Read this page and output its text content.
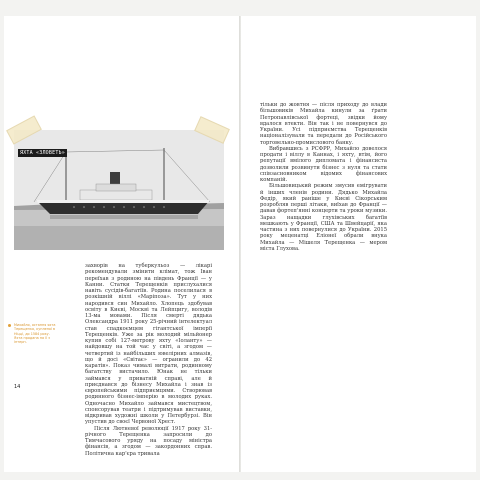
ЯХТА «ЗЛОВЕТЬ»
Михайло, остання яхта Терещенко, купленої в Ніцці, до 1584 року. Яхта продана на її з інтерн.

захворів на туберкульоз — лікарі рекомендували змінити клімат, тож Іван переїхав з родиною на південь Франції — у Канни. Статки Терещенків прислухалися навіть сусідів-багатіїв. Родина поселилася в розкішній віллі «Маріпоза». Тут у них народився син Михайло. Хлопець здобував освіту в Києві, Москві та Лейпцигу, володів 13-ма мовами. Після смерті дядька Олександра 1911 року 25-річний інтелектуал став спадкоємцем гігантської імперії Терещенків. Уже за рік молодий мільйонер купив собі 127-метрову яхту «Іоланту» — найдовшу на той час у світі, а згодом — четвертий із найбільших ювелірних алмазів, що й досі «Світає» — огранили до 42 каратів». Показ чималі витрати, родинному багатству вистачило. Юнак не тільки займався у приватній справі, але й приєднався до бізнесу Михайла і знав із європейськими підприємцями. Створював родинного бізнес-імперію в молодих руках. Одночасно Михайло займався мистецтвом, спонсорував театри і підтримував виставки, відкривав художні школи у Петербурзі. Він упустив до своєї Червоної Хрест.

Після Лютневої революції 1917 року 31-річного Терещенка запросили до Тимчасового уряду на посаду міністра фінансів, а згодом — закордонних справ. Політична кар'єра тривала

14

тільки до жовтня — після приходу до влади більшовиків Михайла кинули за ґрати Петропавлівської фортеці, звідки йому вдалося втекти. Він так і не повернувся до України. Усі підприємства Терещенків націоналізували та передали до Російського торговельно-промислового банку.

Вибравшись з РСФРР, Михайло довелося продати і віллу в Каннах, і яхту, втім, його репутації вмілого дипломата і фінансиста дозволили розвинути бізнес з нуля та стати співзасновником відомих фінансових компаній.

Більшовицький режим змусив емігрувати й інших членів родини. Дядько Михайла Федір, який раніше у Києві Сікорським розробляв перші літаки, виїхав до Франції — давав фортеп'янні концерти та уроки музики. Зараз нащадки глухівських багатіїв мешкають у Франції, США та Швейцарії, яка частина з них повернулися до України. 2015 року меценатці Еліонеї обрали внука Михайла — Мішеля Терещенка — мером міста Глухова.
